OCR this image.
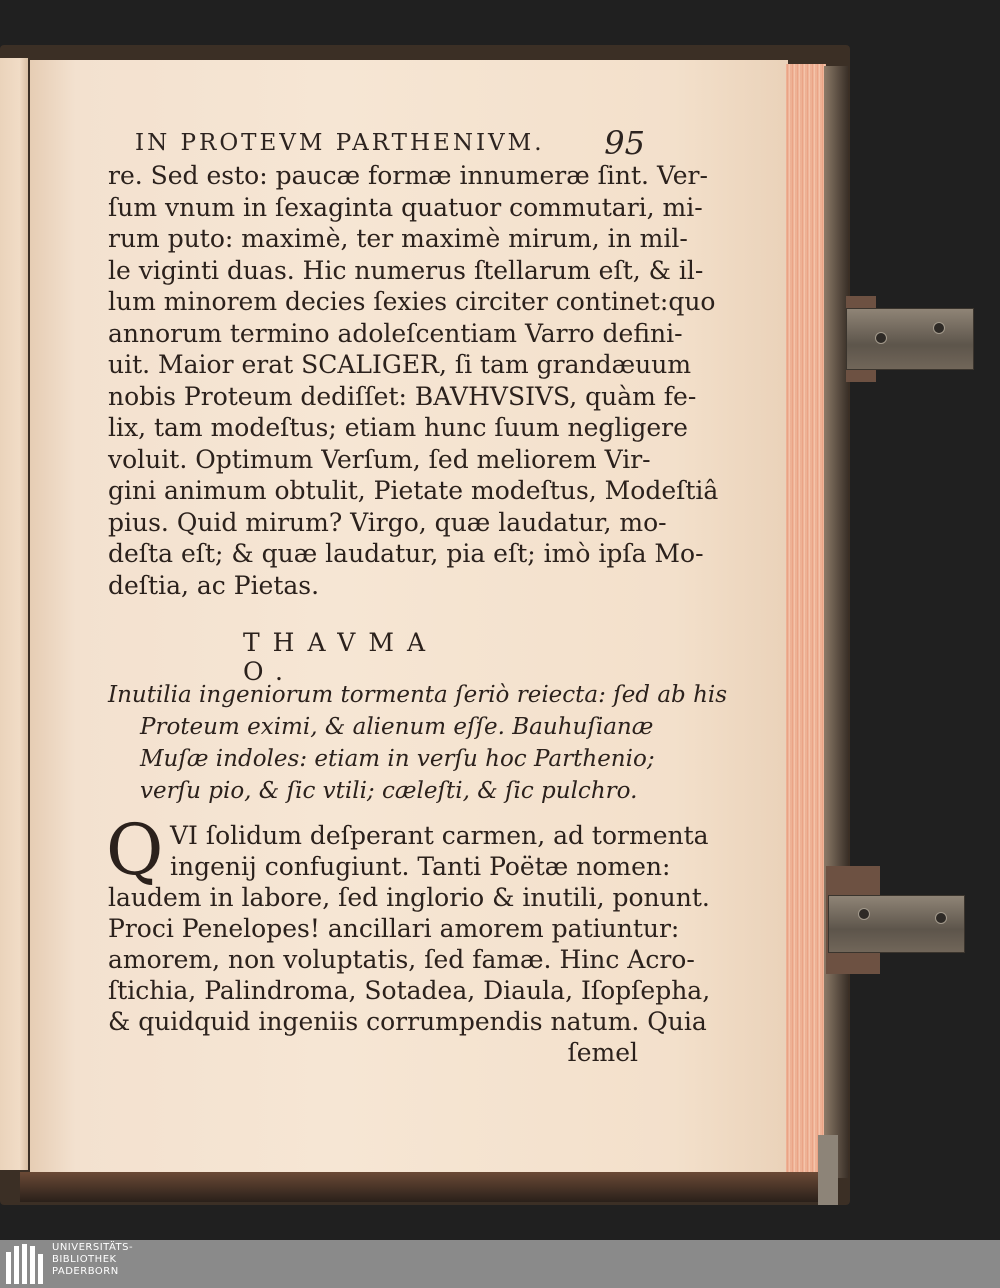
IN PROTEVM PARTHENIVM. 95
re. Sed esto: paucæ formæ innumeræ ſint. Ver-
ſum vnum in ſexaginta quatuor commutari, mi-
rum puto: maximè, ter maximè mirum, in mil-
le viginti duas. Hic numerus ſtellarum eſt, & il-
lum minorem decies ſexies circiter continet:quo
annorum termino adoleſcentiam Varro defini-
uit. Maior erat SCALIGER, ſi tam grandæuum
nobis Proteum dediſſet: BAVHVSIVS, quàm fe-
lix, tam modeſtus; etiam hunc ſuum negligere
voluit. Optimum Verſum, ſed meliorem Vir-
gini animum obtulit, Pietate modeſtus, Modeſtiâ
pius. Quid mirum? Virgo, quæ laudatur, mo-
deſta eſt; & quæ laudatur, pia eſt; imò ipſa Mo-
deſtia, ac Pietas.
THAVMA O.
Inutilia ingeniorum tormenta ſeriò reiecta: ſed ab his
Proteum eximi, & alienum eſſe. Bauhuſianæ
Muſæ indoles: etiam in verſu hoc Parthenio;
verſu pio, & ſic vtili; cæleſti, & ſic pulchro.
Q VI ſolidum deſperant carmen, ad tormenta
ingenij confugiunt. Tanti Poëtæ nomen:
laudem in labore, ſed inglorio & inutili, ponunt.
Proci Penelopes! ancillari amorem patiuntur:
amorem, non voluptatis, ſed famæ. Hinc Acro-
ſtichia, Palindroma, Sotadea, Diaula, Iſopſepha,
& quidquid ingeniis corrumpendis natum. Quia
ſemel
UNIVERSITÄTS-
BIBLIOTHEK
PADERBORN
